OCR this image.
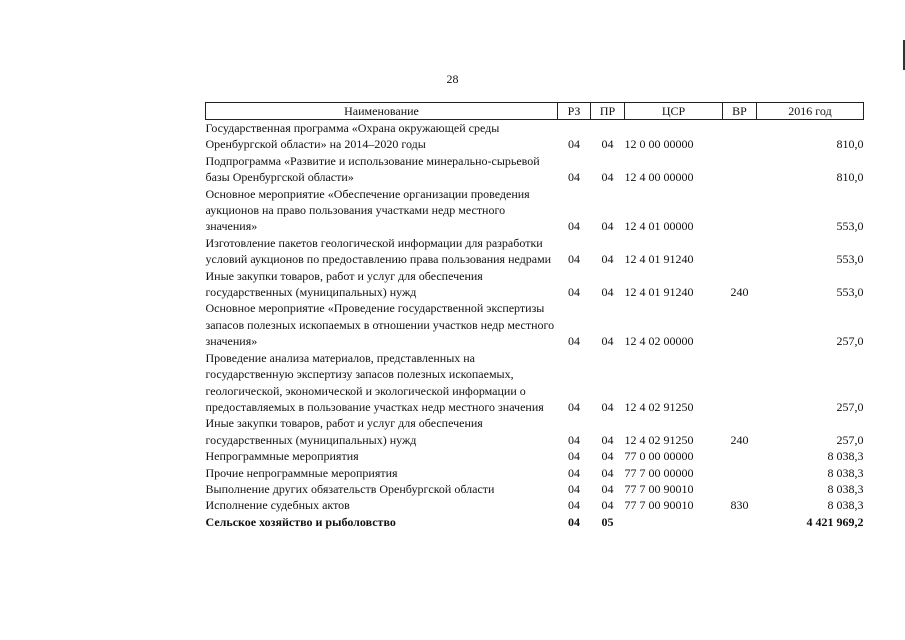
28
Наименование	РЗ	ПР	ЦСР	ВР	2016 год
Государственная программа «Охрана окружающей среды Оренбургской области» на 2014–2020 годы	04	04	12 0 00 00000		810,0
Подпрограмма «Развитие и использование минерально-сырьевой базы Оренбургской области»	04	04	12 4 00 00000		810,0
Основное мероприятие «Обеспечение организации проведения аукционов на право пользования участками недр местного значения»	04	04	12 4 01 00000		553,0
Изготовление пакетов геологической информации для разработки условий аукционов по предоставлению права пользования недрами	04	04	12 4 01 91240		553,0
Иные закупки товаров, работ и услуг для обеспечения государственных (муниципальных) нужд	04	04	12 4 01 91240	240	553,0
Основное мероприятие «Проведение государственной экспертизы запасов полезных ископаемых в отношении участков недр местного значения»	04	04	12 4 02 00000		257,0
Проведение анализа материалов, представленных на государственную экспертизу запасов полезных ископаемых, геологической, экономической и экологической информации о предоставляемых в пользование участках недр местного значения	04	04	12 4 02 91250		257,0
Иные закупки товаров, работ и услуг для обеспечения государственных (муниципальных) нужд	04	04	12 4 02 91250	240	257,0
Непрограммные мероприятия	04	04	77 0 00 00000		8 038,3
Прочие непрограммные мероприятия	04	04	77 7 00 00000		8 038,3
Выполнение других обязательств Оренбургской области	04	04	77 7 00 90010		8 038,3
Исполнение судебных актов	04	04	77 7 00 90010	830	8 038,3
Сельское хозяйство и рыболовство	04	05			4 421 969,2
